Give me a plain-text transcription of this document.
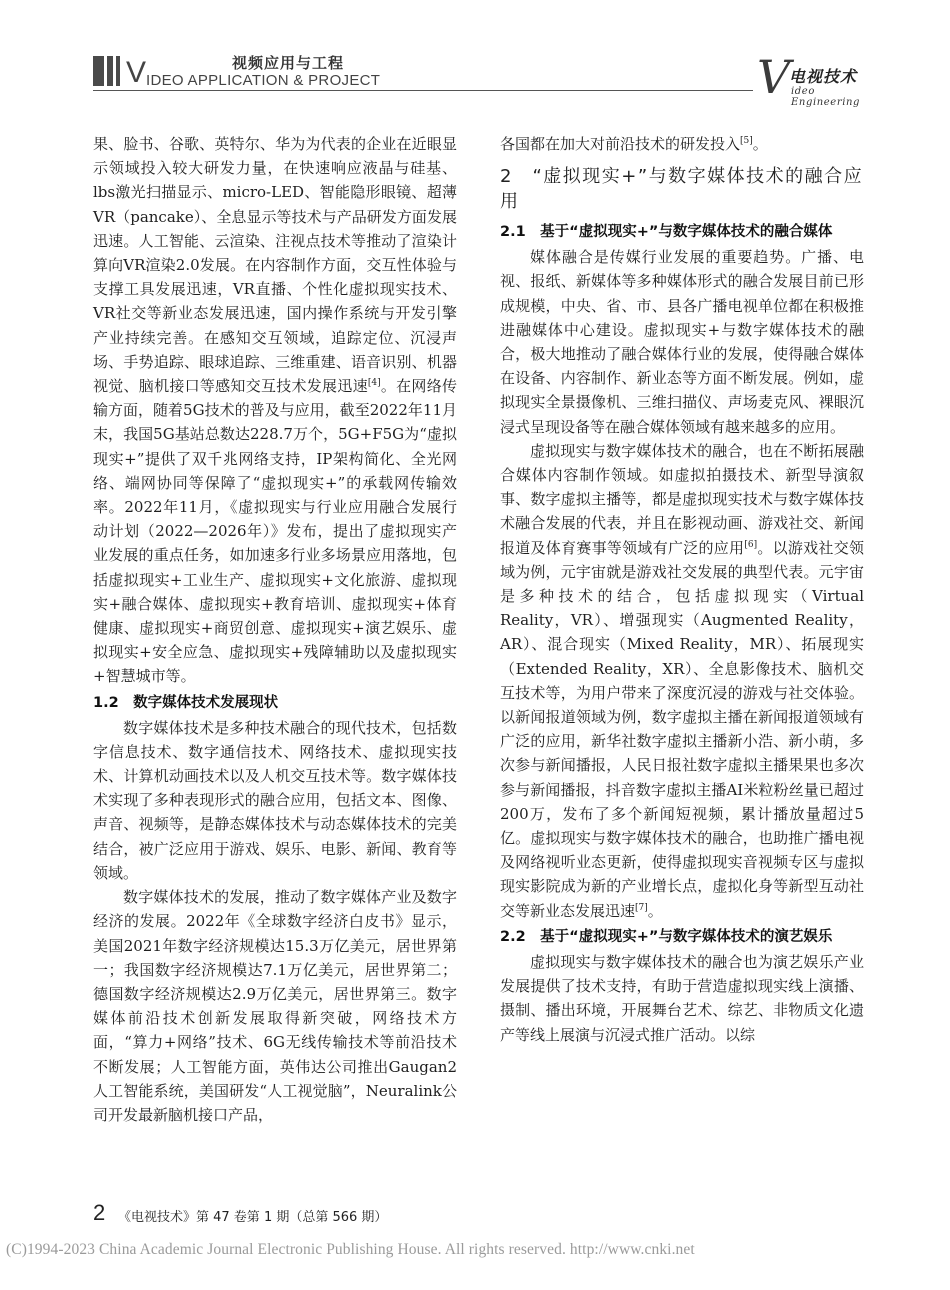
V	视频应用与工程
IDEO APPLICATION & PROJECT	V
电视技术
ideo Engineering

果、脸书、谷歌、英特尔、华为为代表的企业在近眼显示领域投入较大研发力量，在快速响应液晶与硅基、lbs激光扫描显示、micro-LED、智能隐形眼镜、超薄VR（pancake）、全息显示等技术与产品研发方面发展迅速。人工智能、云渲染、注视点技术等推动了渲染计算向VR渲染2.0发展。在内容制作方面，交互性体验与支撑工具发展迅速，VR直播、个性化虚拟现实技术、VR社交等新业态发展迅速，国内操作系统与开发引擎产业持续完善。在感知交互领域，追踪定位、沉浸声场、手势追踪、眼球追踪、三维重建、语音识别、机器视觉、脑机接口等感知交互技术发展迅速[4]。在网络传输方面，随着5G技术的普及与应用，截至2022年11月末，我国5G基站总数达228.7万个，5G+F5G为“虚拟现实+”提供了双千兆网络支持，IP架构简化、全光网络、端网协同等保障了“虚拟现实+”的承载网传输效率。2022年11月，《虚拟现实与行业应用融合发展行动计划（2022—2026年）》发布，提出了虚拟现实产业发展的重点任务，如加速多行业多场景应用落地，包括虚拟现实+工业生产、虚拟现实+文化旅游、虚拟现实+融合媒体、虚拟现实+教育培训、虚拟现实+体育健康、虚拟现实+商贸创意、虚拟现实+演艺娱乐、虚拟现实+安全应急、虚拟现实+残障辅助以及虚拟现实+智慧城市等。

1.2　数字媒体技术发展现状

数字媒体技术是多种技术融合的现代技术，包括数字信息技术、数字通信技术、网络技术、虚拟现实技术、计算机动画技术以及人机交互技术等。数字媒体技术实现了多种表现形式的融合应用，包括文本、图像、声音、视频等，是静态媒体技术与动态媒体技术的完美结合，被广泛应用于游戏、娱乐、电影、新闻、教育等领域。

数字媒体技术的发展，推动了数字媒体产业及数字经济的发展。2022年《全球数字经济白皮书》显示，美国2021年数字经济规模达15.3万亿美元，居世界第一；我国数字经济规模达7.1万亿美元，居世界第二；德国数字经济规模达2.9万亿美元，居世界第三。数字媒体前沿技术创新发展取得新突破，网络技术方面，“算力+网络”技术、6G无线传输技术等前沿技术不断发展；人工智能方面，英伟达公司推出Gaugan2人工智能系统，美国研发“人工视觉脑”，Neuralink公司开发最新脑机接口产品，

各国都在加大对前沿技术的研发投入[5]。

2　“虚拟现实+”与数字媒体技术的融合应用
2.1　基于“虚拟现实+”与数字媒体技术的融合媒体

媒体融合是传媒行业发展的重要趋势。广播、电视、报纸、新媒体等多种媒体形式的融合发展目前已形成规模，中央、省、市、县各广播电视单位都在积极推进融媒体中心建设。虚拟现实+与数字媒体技术的融合，极大地推动了融合媒体行业的发展，使得融合媒体在设备、内容制作、新业态等方面不断发展。例如，虚拟现实全景摄像机、三维扫描仪、声场麦克风、裸眼沉浸式呈现设备等在融合媒体领域有越来越多的应用。

虚拟现实与数字媒体技术的融合，也在不断拓展融合媒体内容制作领域。如虚拟拍摄技术、新型导演叙事、数字虚拟主播等，都是虚拟现实技术与数字媒体技术融合发展的代表，并且在影视动画、游戏社交、新闻报道及体育赛事等领域有广泛的应用[6]。以游戏社交领域为例，元宇宙就是游戏社交发展的典型代表。元宇宙是多种技术的结合，包括虚拟现实（Virtual Reality，VR）、增强现实（Augmented Reality，AR）、混合现实（Mixed Reality，MR）、拓展现实（Extended Reality，XR）、全息影像技术、脑机交互技术等，为用户带来了深度沉浸的游戏与社交体验。以新闻报道领域为例，数字虚拟主播在新闻报道领域有广泛的应用，新华社数字虚拟主播新小浩、新小萌，多次参与新闻播报，人民日报社数字虚拟主播果果也多次参与新闻播报，抖音数字虚拟主播AI米粒粉丝量已超过200万，发布了多个新闻短视频，累计播放量超过5亿。虚拟现实与数字媒体技术的融合，也助推广播电视及网络视听业态更新，使得虚拟现实音视频专区与虚拟现实影院成为新的产业增长点，虚拟化身等新型互动社交等新业态发展迅速[7]。

2.2　基于“虚拟现实+”与数字媒体技术的演艺娱乐

虚拟现实与数字媒体技术的融合也为演艺娱乐产业发展提供了技术支持，有助于营造虚拟现实线上演播、摄制、播出环境，开展舞台艺术、综艺、非物质文化遗产等线上展演与沉浸式推广活动。以综

2 《电视技术》第 47 卷第 1 期（总第 566 期）
(C)1994-2023 China Academic Journal Electronic Publishing House. All rights reserved. http://www.cnki.net
